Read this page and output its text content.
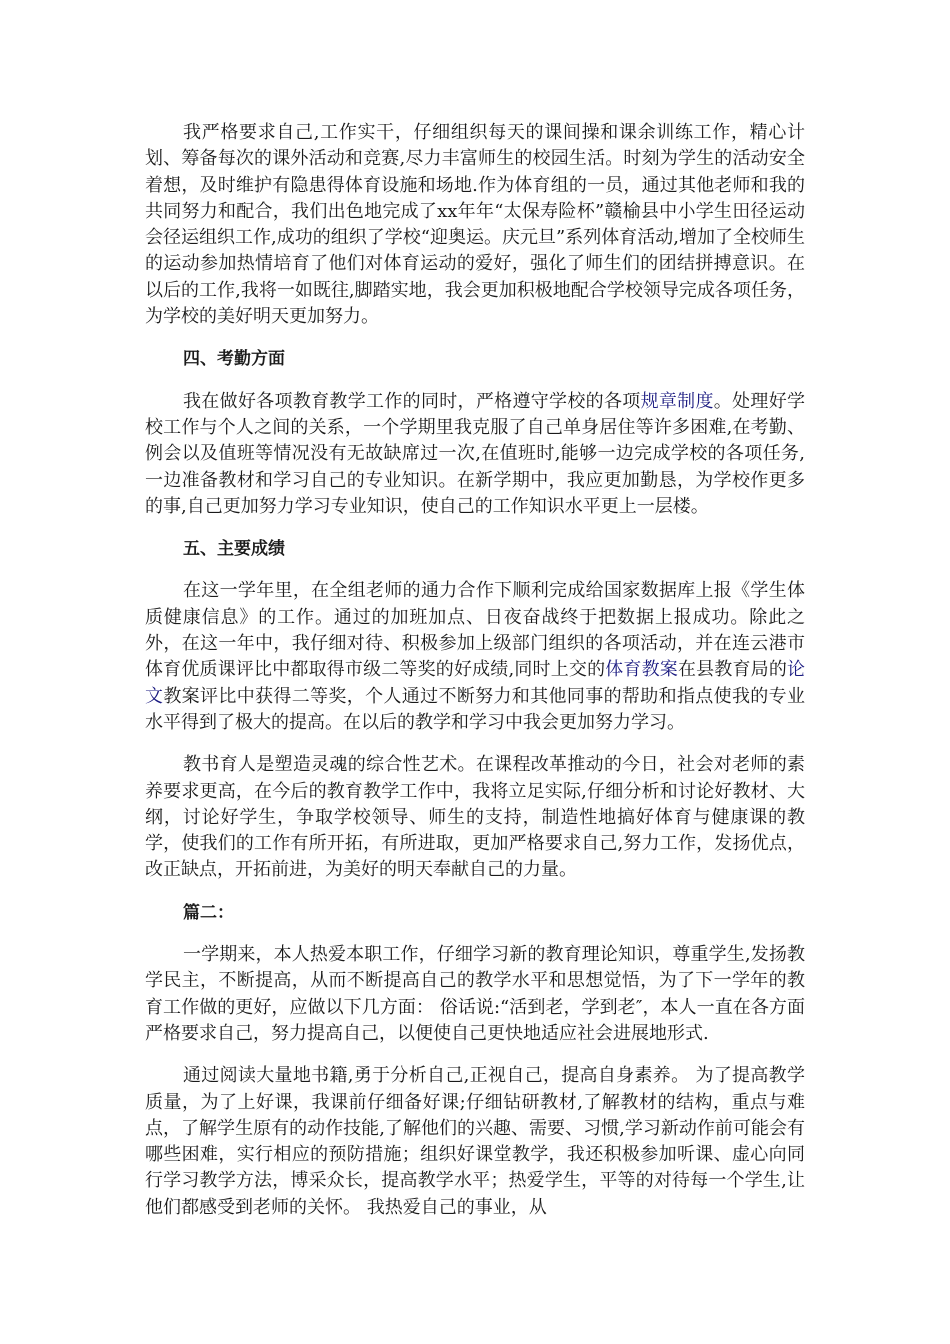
我严格要求自己,工作实干，仔细组织每天的课间操和课余训练工作，精心计划、筹备每次的课外活动和竞赛,尽力丰富师生的校园生活。时刻为学生的活动安全着想，及时维护有隐患得体育设施和场地.作为体育组的一员，通过其他老师和我的共同努力和配合，我们出色地完成了xx年年“太保寿险杯”赣榆县中小学生田径运动会径运组织工作,成功的组织了学校“迎奥运。庆元旦”系列体育活动,增加了全校师生的运动参加热情培育了他们对体育运动的爱好，强化了师生们的团结拼搏意识。在以后的工作,我将一如既往,脚踏实地，我会更加积极地配合学校领导完成各项任务，为学校的美好明天更加努力。

四、考勤方面

我在做好各项教育教学工作的同时，严格遵守学校的各项规章制度。处理好学校工作与个人之间的关系，一个学期里我克服了自己单身居住等许多困难,在考勤、例会以及值班等情况没有无故缺席过一次,在值班时,能够一边完成学校的各项任务,一边准备教材和学习自己的专业知识。在新学期中，我应更加勤恳，为学校作更多的事,自己更加努力学习专业知识，使自己的工作知识水平更上一层楼。

五、主要成绩

在这一学年里，在全组老师的通力合作下顺利完成给国家数据库上报《学生体质健康信息》的工作。通过的加班加点、日夜奋战终于把数据上报成功。除此之外，在这一年中，我仔细对待、积极参加上级部门组织的各项活动，并在连云港市体育优质课评比中都取得市级二等奖的好成绩,同时上交的体育教案在县教育局的论文教案评比中获得二等奖，个人通过不断努力和其他同事的帮助和指点使我的专业水平得到了极大的提高。在以后的教学和学习中我会更加努力学习。

教书育人是塑造灵魂的综合性艺术。在课程改革推动的今日，社会对老师的素养要求更高，在今后的教育教学工作中，我将立足实际,仔细分析和讨论好教材、大纲，讨论好学生，争取学校领导、师生的支持，制造性地搞好体育与健康课的教学，使我们的工作有所开拓，有所进取，更加严格要求自己,努力工作，发扬优点，改正缺点，开拓前进，为美好的明天奉献自己的力量。

篇二：

一学期来，本人热爱本职工作，仔细学习新的教育理论知识，尊重学生,发扬教学民主，不断提高，从而不断提高自己的教学水平和思想觉悟，为了下一学年的教育工作做的更好，应做以下几方面： 俗话说:“活到老，学到老″，本人一直在各方面严格要求自己，努力提高自己，以便使自己更快地适应社会进展地形式.

通过阅读大量地书籍,勇于分析自己,正视自己，提高自身素养。 为了提高教学质量，为了上好课，我课前仔细备好课;仔细钻研教材,了解教材的结构，重点与难点，了解学生原有的动作技能,了解他们的兴趣、需要、习惯,学习新动作前可能会有哪些困难，实行相应的预防措施；组织好课堂教学，我还积极参加听课、虚心向同行学习教学方法，博采众长，提高教学水平；热爱学生，平等的对待每一个学生,让他们都感受到老师的关怀。 我热爱自己的事业，从
